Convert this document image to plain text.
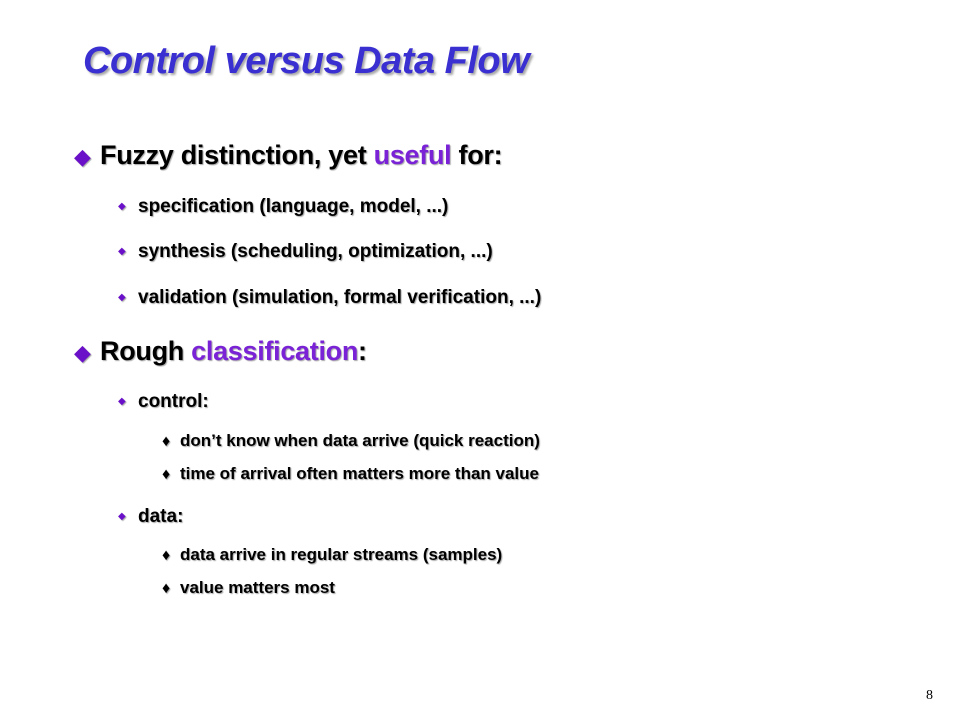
Control versus Data Flow
◆ Fuzzy distinction, yet useful for:
◆ specification (language, model, ...)
◆ synthesis (scheduling, optimization, ...)
◆ validation (simulation, formal verification, ...)
◆ Rough classification:
◆ control:
♦ don’t know when data arrive (quick reaction)
♦ time of arrival often matters more than value
◆ data:
♦ data arrive in regular streams (samples)
♦ value matters most
8
